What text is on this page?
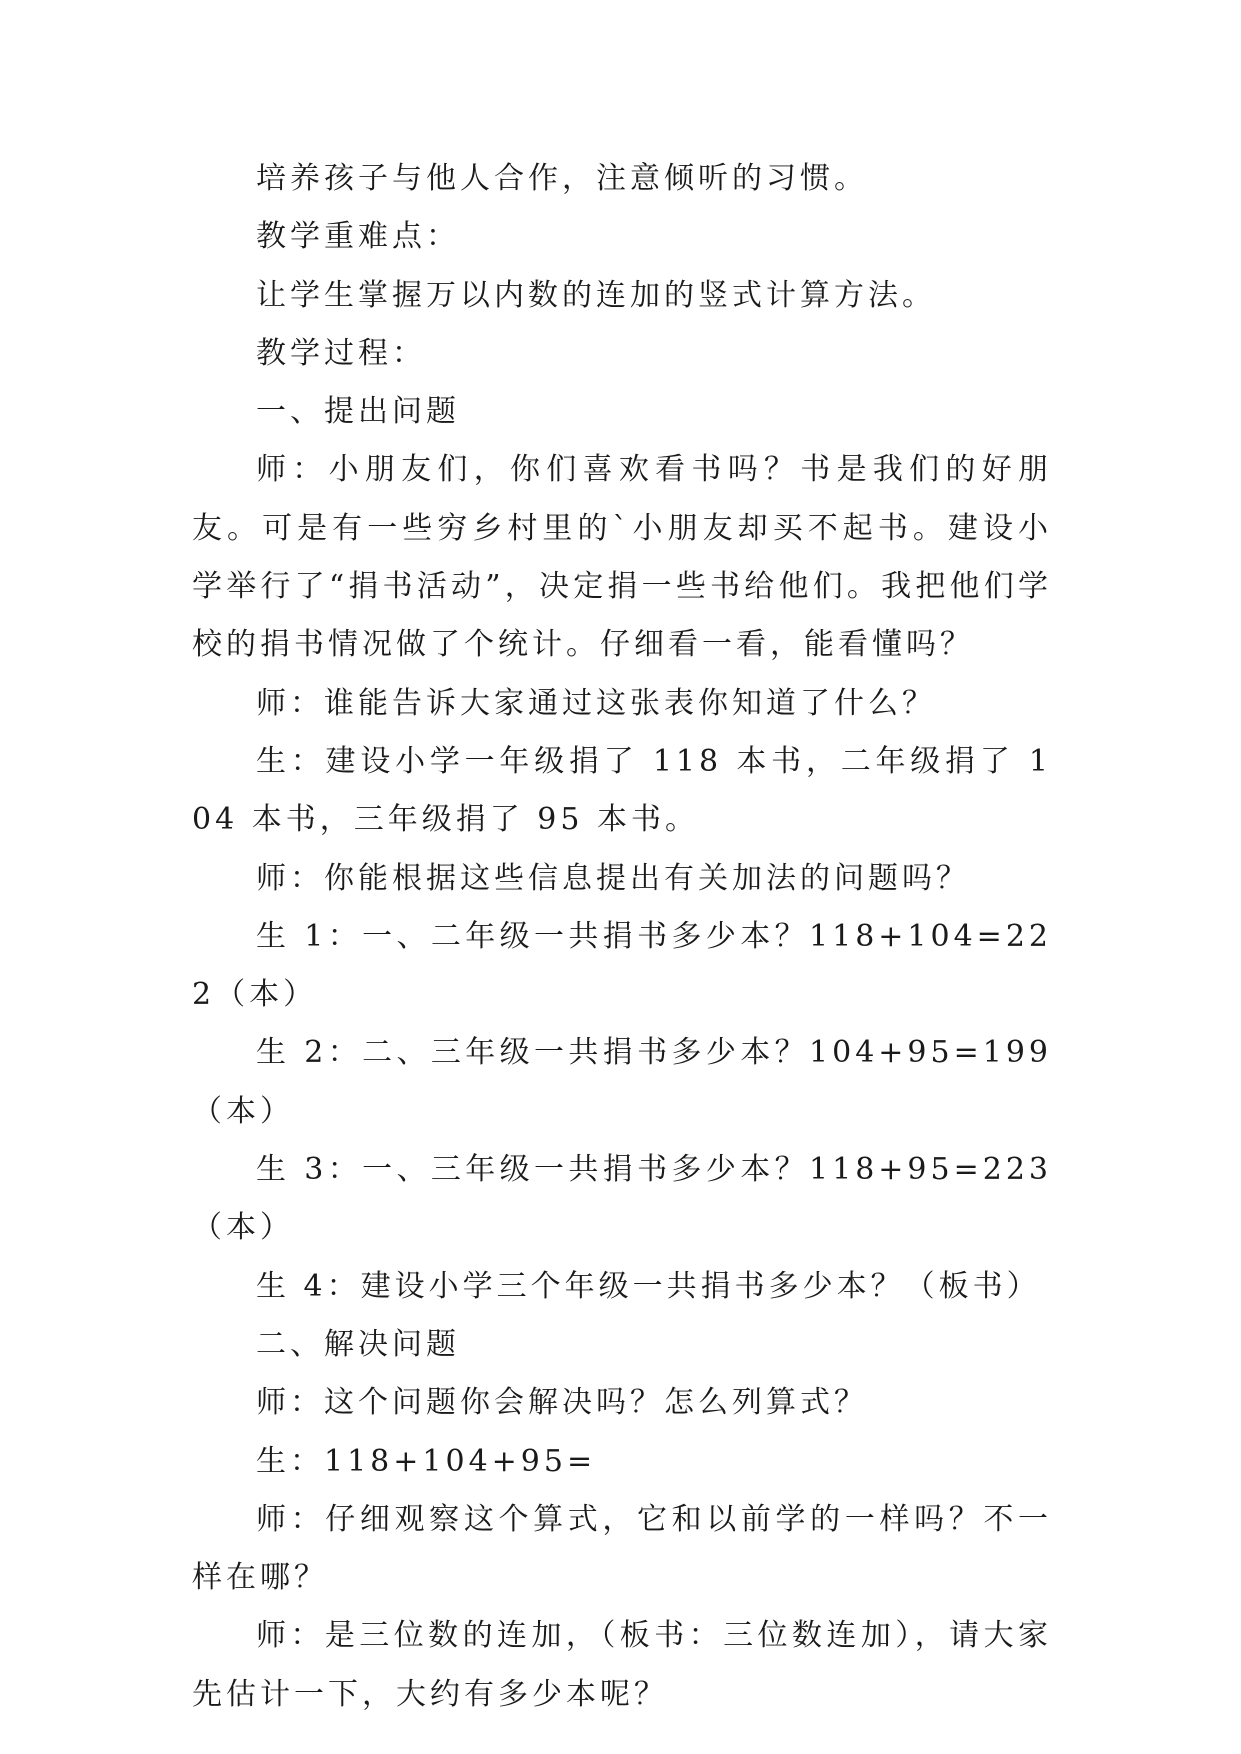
培养孩子与他人合作，注意倾听的习惯。

教学重难点：

让学生掌握万以内数的连加的竖式计算方法。

教学过程：

一、提出问题

师：小朋友们，你们喜欢看书吗？书是我们的好朋友。可是有一些穷乡村里的`小朋友却买不起书。建设小学举行了“捐书活动”，决定捐一些书给他们。我把他们学校的捐书情况做了个统计。仔细看一看，能看懂吗？

师：谁能告诉大家通过这张表你知道了什么？

生：建设小学一年级捐了 118 本书，二年级捐了 104 本书，三年级捐了 95 本书。

师：你能根据这些信息提出有关加法的问题吗？

生 1：一、二年级一共捐书多少本？118+104=222（本）

生 2：二、三年级一共捐书多少本？104+95=199（本）

生 3：一、三年级一共捐书多少本？118+95=223（本）

生 4：建设小学三个年级一共捐书多少本？（板书）

二、解决问题

师：这个问题你会解决吗？怎么列算式？

生：118+104+95=

师：仔细观察这个算式，它和以前学的一样吗？不一样在哪？

师：是三位数的连加，（板书：三位数连加），请大家先估计一下，大约有多少本呢？
